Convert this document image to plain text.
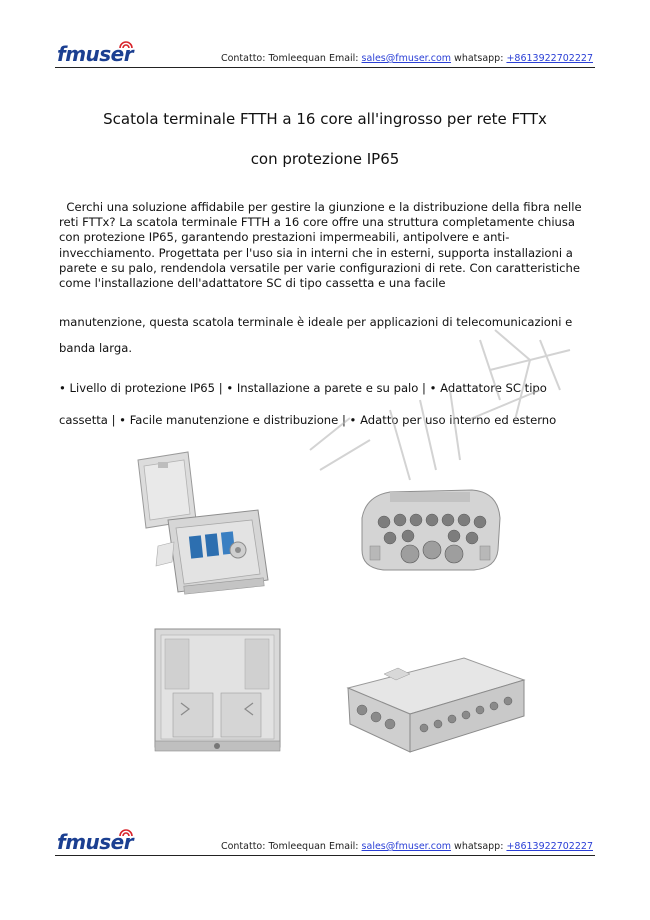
fmuser	Contatto: Tomleequan Email: sales@fmuser.com whatsapp: +8613922702227
Scatola terminale FTTH a 16 core all'ingrosso per rete FTTx
con protezione IP65
Cerchi una soluzione affidabile per gestire la giunzione e la distribuzione della fibra nelle reti FTTx? La scatola terminale FTTH a 16 core offre una struttura completamente chiusa con protezione IP65, garantendo prestazioni impermeabili, antipolvere e anti-invecchiamento. Progettata per l'uso sia in interni che in esterni, supporta installazioni a parete e su palo, rendendola versatile per varie configurazioni di rete. Con caratteristiche come l'installazione dell'adattatore SC di tipo cassetta e una facile
manutenzione, questa scatola terminale è ideale per applicazioni di telecomunicazioni e banda larga.
• Livello di protezione IP65 | • Installazione a parete e su palo | • Adattatore SC tipo
cassetta | • Facile manutenzione e distribuzione | • Adatto per uso interno ed esterno
fmuser	Contatto: Tomleequan Email: sales@fmuser.com whatsapp: +8613922702227
